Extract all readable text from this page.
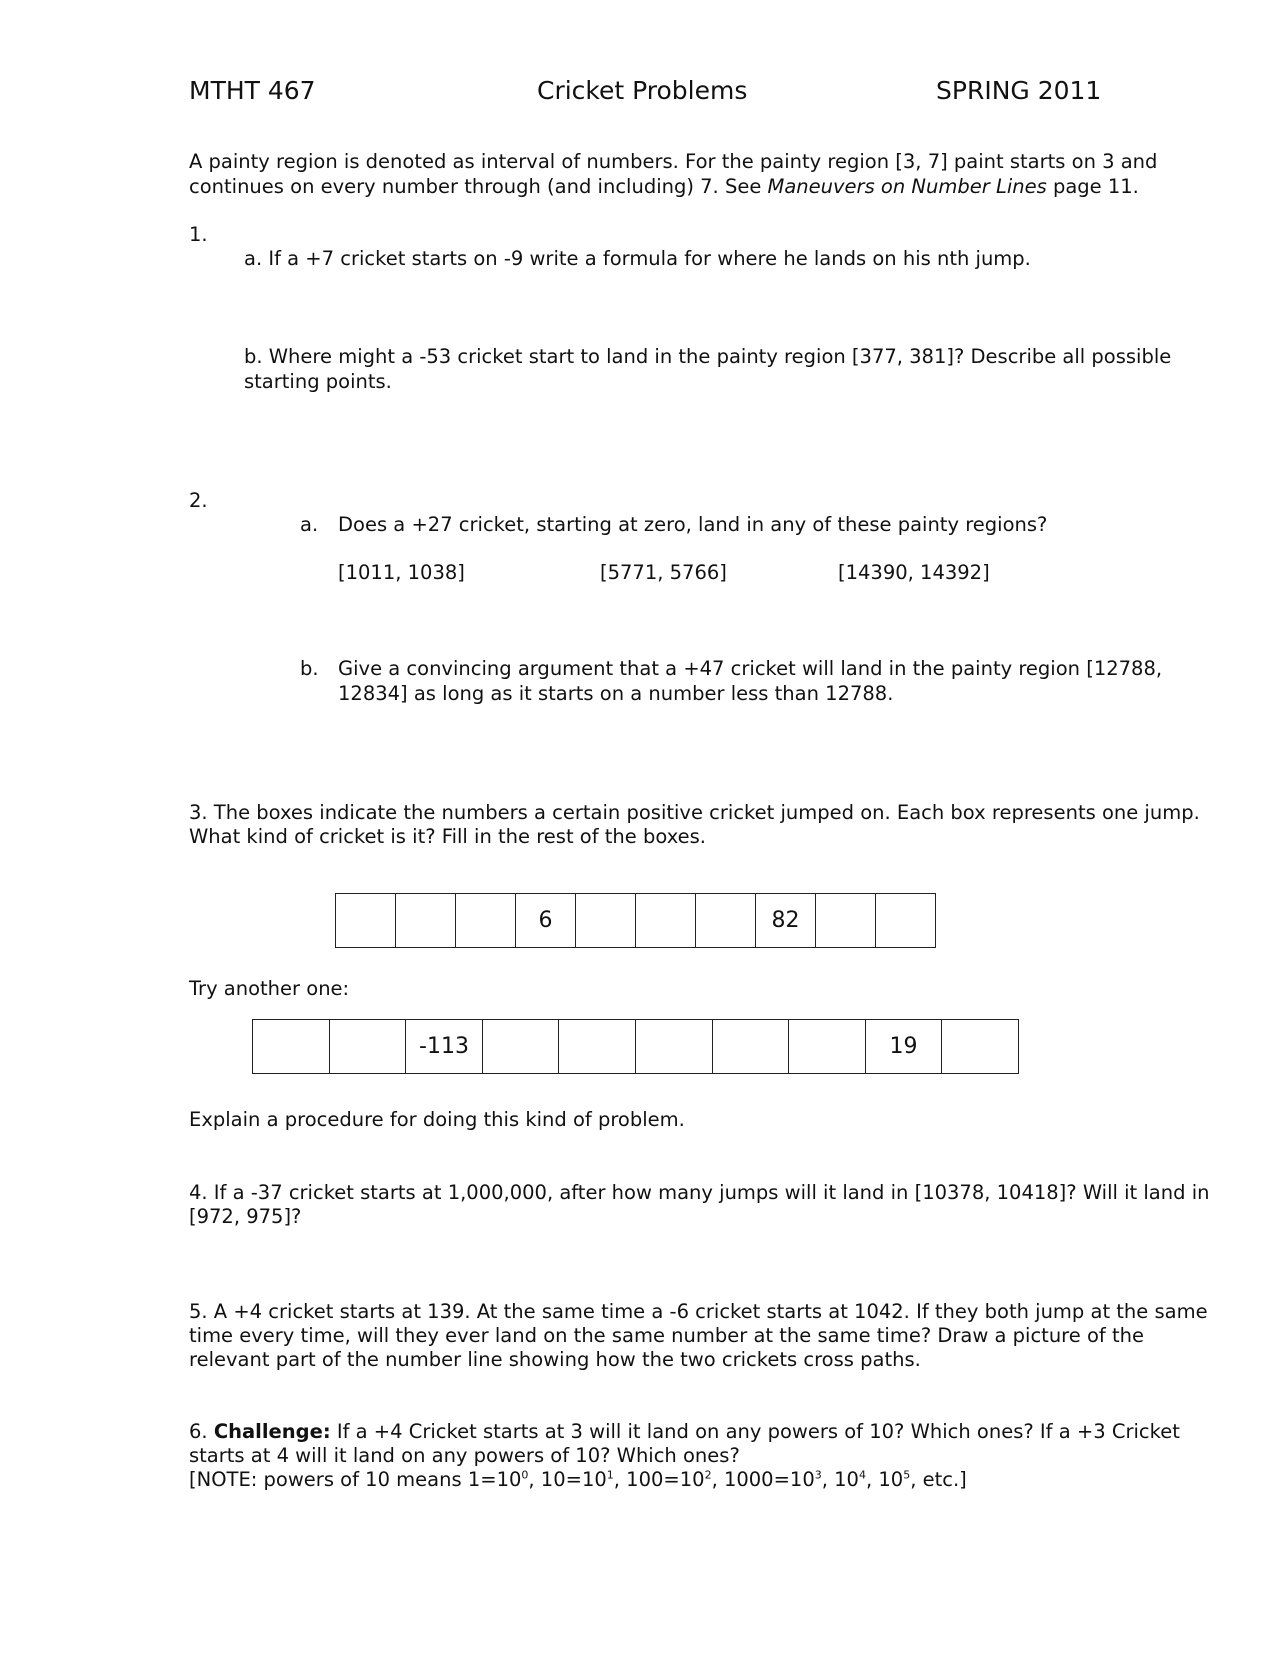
MTHT 467	Cricket Problems	SPRING 2011
A painty region is denoted as interval of numbers. For the painty region [3, 7] paint starts on 3 and
continues on every number through (and including) 7. See Maneuvers on Number Lines page 11.
1.
a. If a +7 cricket starts on -9 write a formula for where he lands on his nth jump.
b. Where might a -53 cricket start to land in the painty region [377, 381]? Describe all possible
starting points.
2.
a. Does a +27 cricket, starting at zero, land in any of these painty regions?
[1011, 1038]	[5771, 5766]	[14390, 14392]
b. Give a convincing argument that a +47 cricket will land in the painty region [12788,
12834] as long as it starts on a number less than 12788.
3. The boxes indicate the numbers a certain positive cricket jumped on. Each box represents one jump.
What kind of cricket is it? Fill in the rest of the boxes.
6	82
Try another one:
-113	19
Explain a procedure for doing this kind of problem.
4. If a -37 cricket starts at 1,000,000, after how many jumps will it land in [10378, 10418]? Will it land in
[972, 975]?
5. A +4 cricket starts at 139. At the same time a -6 cricket starts at 1042. If they both jump at the same
time every time, will they ever land on the same number at the same time? Draw a picture of the
relevant part of the number line showing how the two crickets cross paths.
6. Challenge: If a +4 Cricket starts at 3 will it land on any powers of 10? Which ones? If a +3 Cricket
starts at 4 will it land on any powers of 10? Which ones?
[NOTE: powers of 10 means $1=10^0$, $10=10^1$, $100=10^2$, $1000=10^3$, $10^4$, $10^5$, etc.]
